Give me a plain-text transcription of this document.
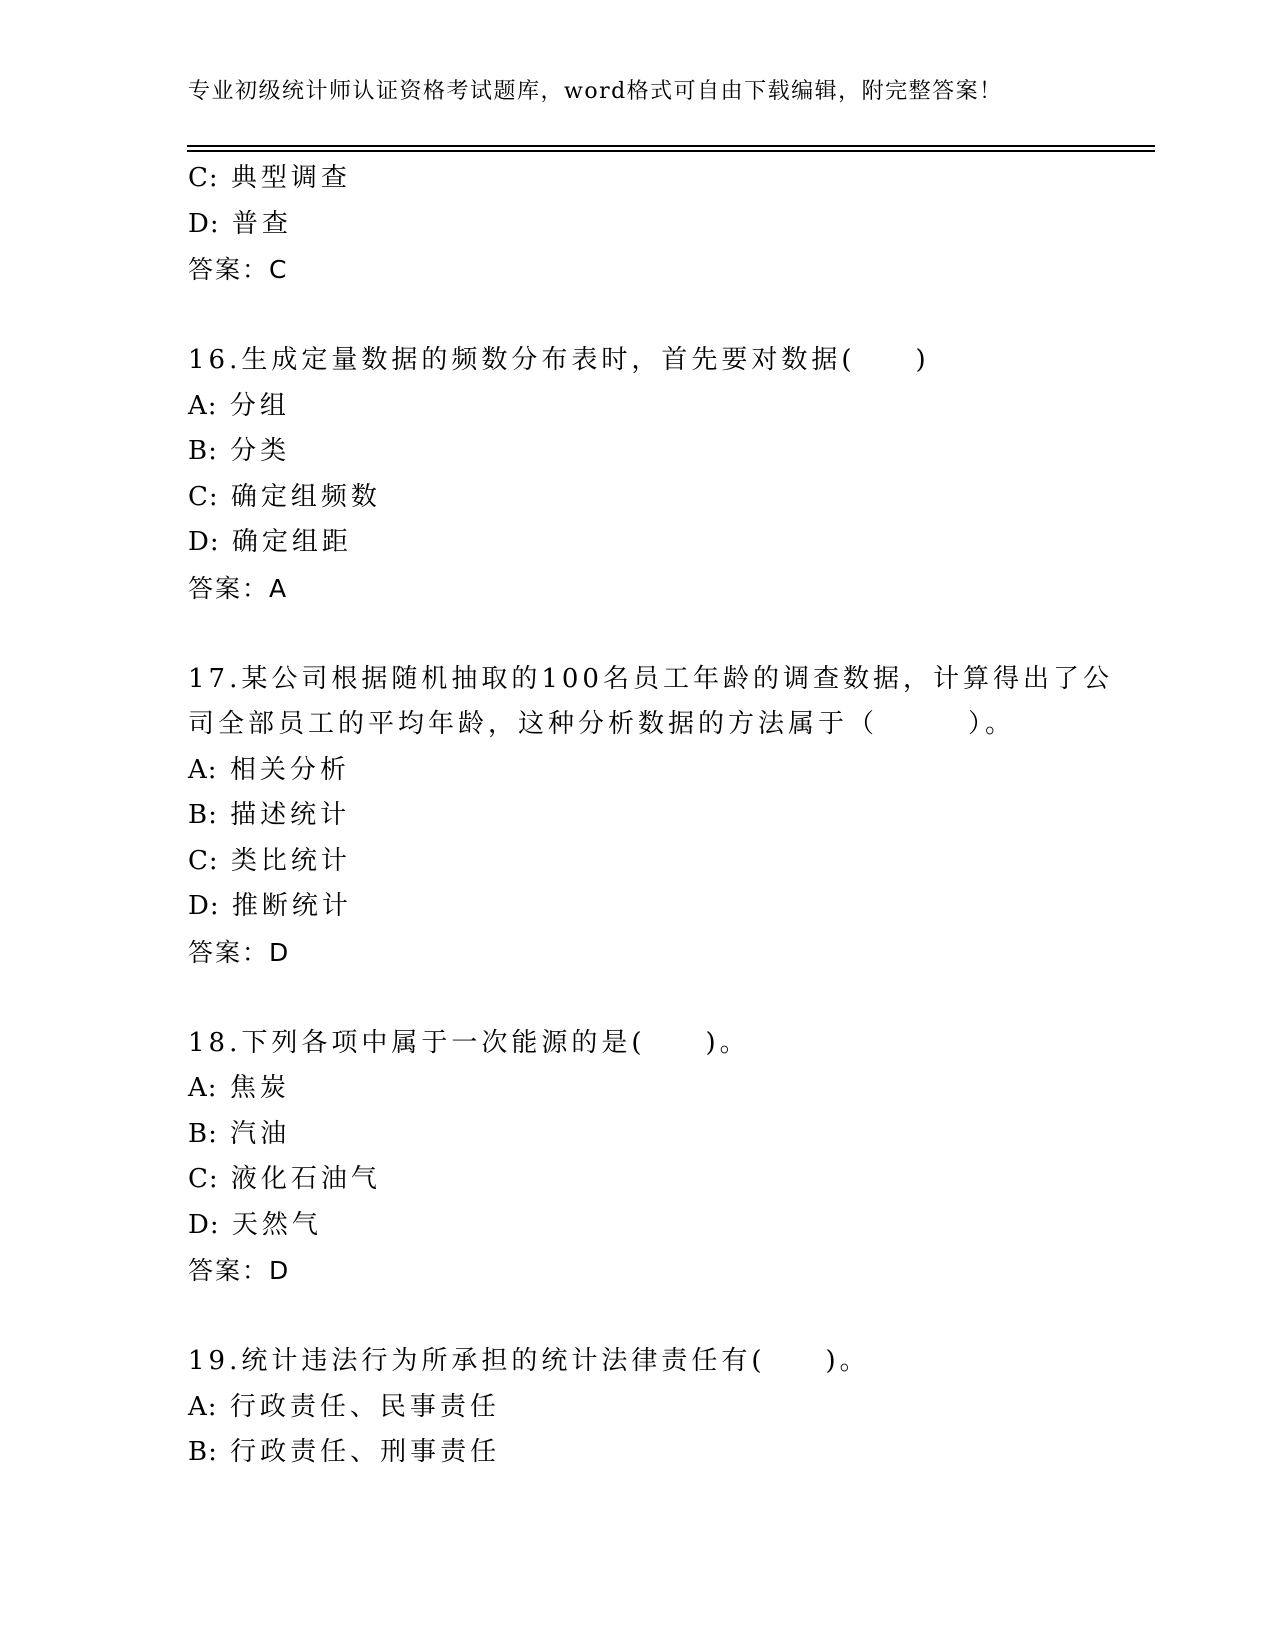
专业初级统计师认证资格考试题库，word格式可自由下载编辑，附完整答案！
C: 典型调查
D: 普查
答案：C
16.生成定量数据的频数分布表时，首先要对数据(　　)
A: 分组
B: 分类
C: 确定组频数
D: 确定组距
答案：A
17.某公司根据随机抽取的100名员工年龄的调查数据，计算得出了公
司全部员工的平均年龄，这种分析数据的方法属于（　　　）。
A: 相关分析
B: 描述统计
C: 类比统计
D: 推断统计
答案：D
18.下列各项中属于一次能源的是(　　)。
A: 焦炭
B: 汽油
C: 液化石油气
D: 天然气
答案：D
19.统计违法行为所承担的统计法律责任有(　　)。
A: 行政责任、民事责任
B: 行政责任、刑事责任
